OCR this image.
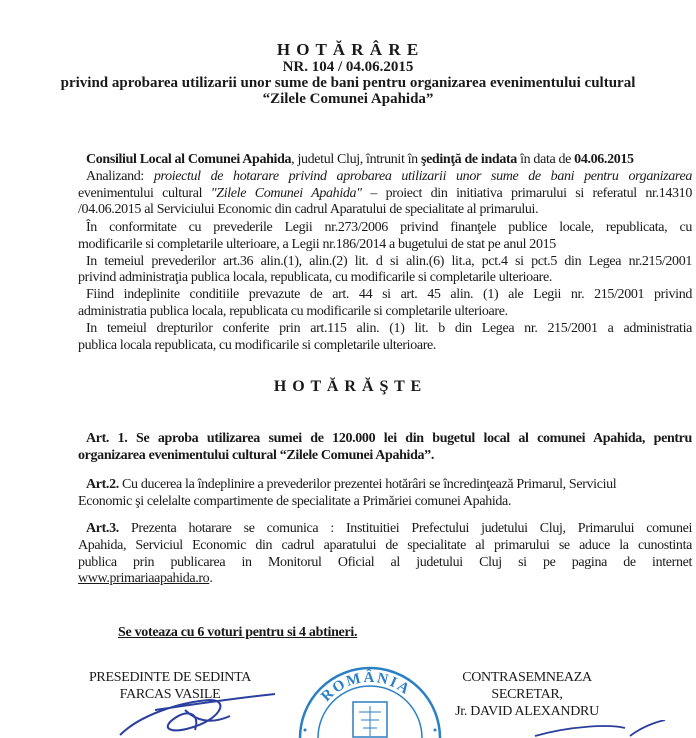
H O T Ă R Â R E
NR. 104 / 04.06.2015
privind aprobarea utilizarii unor sume de bani pentru organizarea evenimentului cultural
“Zilele Comunei Apahida”
Consiliul Local al Comunei Apahida, judetul Cluj, întrunit în şedinţă de indata în data de 04.06.2015
Analizand: proiectul de hotarare privind aprobarea utilizarii unor sume de bani pentru organizarea
evenimentului cultural "Zilele Comunei Apahida" – proiect din initiativa primarului si referatul nr.14310
/04.06.2015 al Serviciului Economic din cadrul Aparatului de specialitate al primarului.
În conformitate cu prevederile Legii nr.273/2006 privind finanţele publice locale, republicata, cu
modificarile si completarile ulterioare, a Legii nr.186/2014 a bugetului de stat pe anul 2015
In temeiul prevederilor art.36 alin.(1), alin.(2) lit. d si alin.(6) lit.a, pct.4 si pct.5 din Legea nr.215/2001
privind administraţia publica locala, republicata, cu modificarile si completarile ulterioare.
Fiind indeplinite conditiile prevazute de art. 44 si art. 45 alin. (1) ale Legii nr. 215/2001 privind
administratia publica locala, republicata cu modificarile si completarile ulterioare.
In temeiul drepturilor conferite prin art.115 alin. (1) lit. b din Legea nr. 215/2001 a administratia
publica locala republicata, cu modificarile si completarile ulterioare.
H O T Ă R Ă Ş T E
Art. 1. Se aproba utilizarea sumei de 120.000 lei din bugetul local al comunei Apahida, pentru
organizarea evenimentului cultural “Zilele Comunei Apahida”.
Art.2. Cu ducerea la îndeplinire a prevederilor prezentei hotărâri se încredinţează Primarul, Serviciul
Economic şi celelalte compartimente de specialitate a Primăriei comunei Apahida.
Art.3. Prezenta hotarare se comunica : Instituitiei Prefectului judetului Cluj, Primarului comunei
Apahida, Serviciul Economic din cadrul aparatului de specialitate al primarului se aduce la cunostinta
publica prin publicarea in Monitorul Oficial al judetului Cluj si pe pagina de internet
www.primariaapahida.ro.
Se voteaza cu 6 voturi pentru si 4 abtineri.
PRESEDINTE DE SEDINTA
FARCAS VASILE
CONTRASEMNEAZA
SECRETAR,
Jr. DAVID ALEXANDRU
ROMÂNIA
